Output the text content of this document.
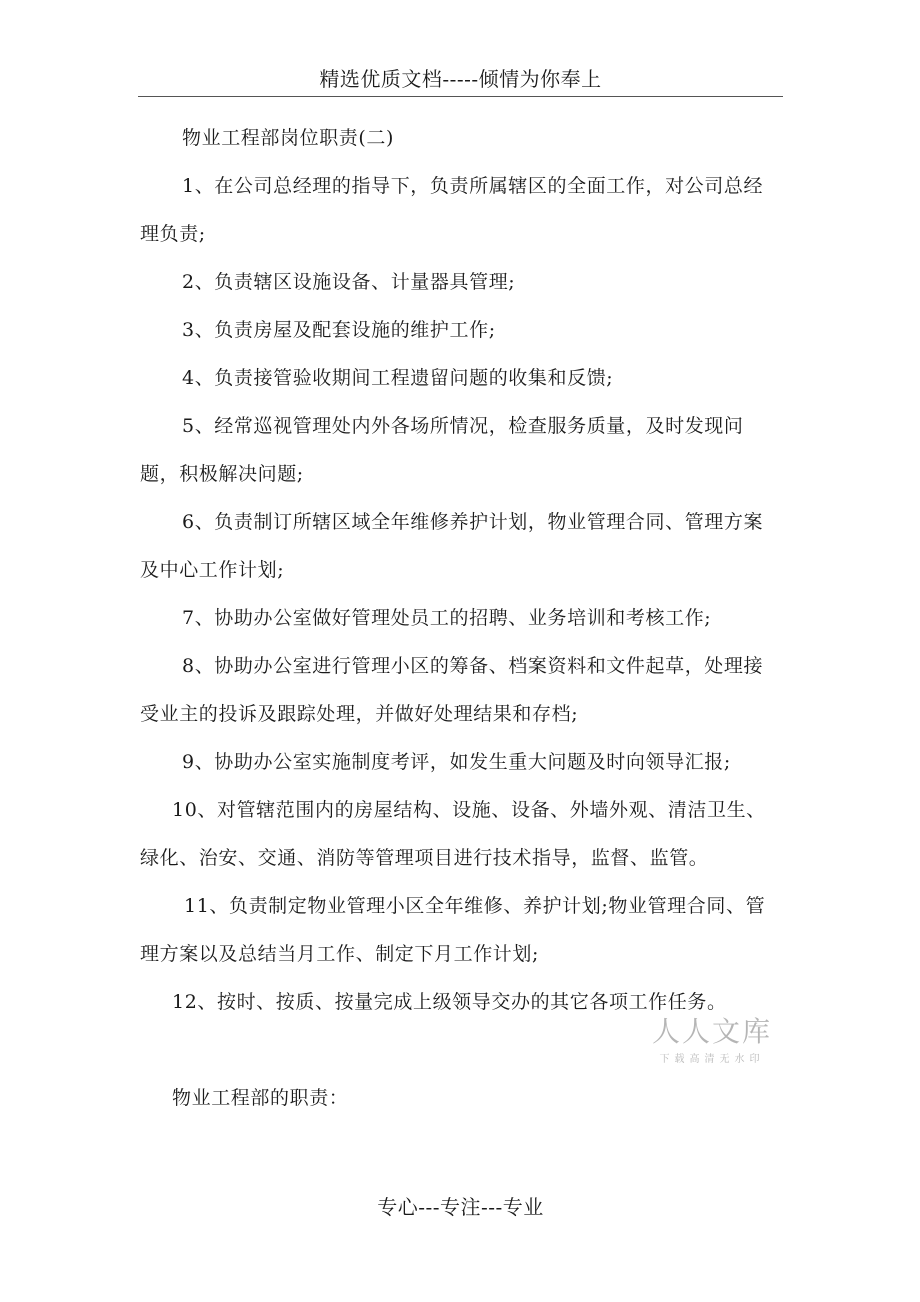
精选优质文档-----倾情为你奉上

物业工程部岗位职责(二)

1、在公司总经理的指导下，负责所属辖区的全面工作，对公司总经理负责;

2、负责辖区设施设备、计量器具管理;

3、负责房屋及配套设施的维护工作;

4、负责接管验收期间工程遗留问题的收集和反馈;

5、经常巡视管理处内外各场所情况，检查服务质量，及时发现问题，积极解决问题;

6、负责制订所辖区域全年维修养护计划，物业管理合同、管理方案及中心工作计划;

7、协助办公室做好管理处员工的招聘、业务培训和考核工作;

8、协助办公室进行管理小区的筹备、档案资料和文件起草，处理接受业主的投诉及跟踪处理，并做好处理结果和存档;

9、协助办公室实施制度考评，如发生重大问题及时向领导汇报;

10、对管辖范围内的房屋结构、设施、设备、外墙外观、清洁卫生、绿化、治安、交通、消防等管理项目进行技术指导，监督、监管。

11、负责制定物业管理小区全年维修、养护计划;物业管理合同、管理方案以及总结当月工作、制定下月工作计划;

12、按时、按质、按量完成上级领导交办的其它各项工作任务。

物业工程部的职责：

人人文库
下载高清无水印
专心---专注---专业
